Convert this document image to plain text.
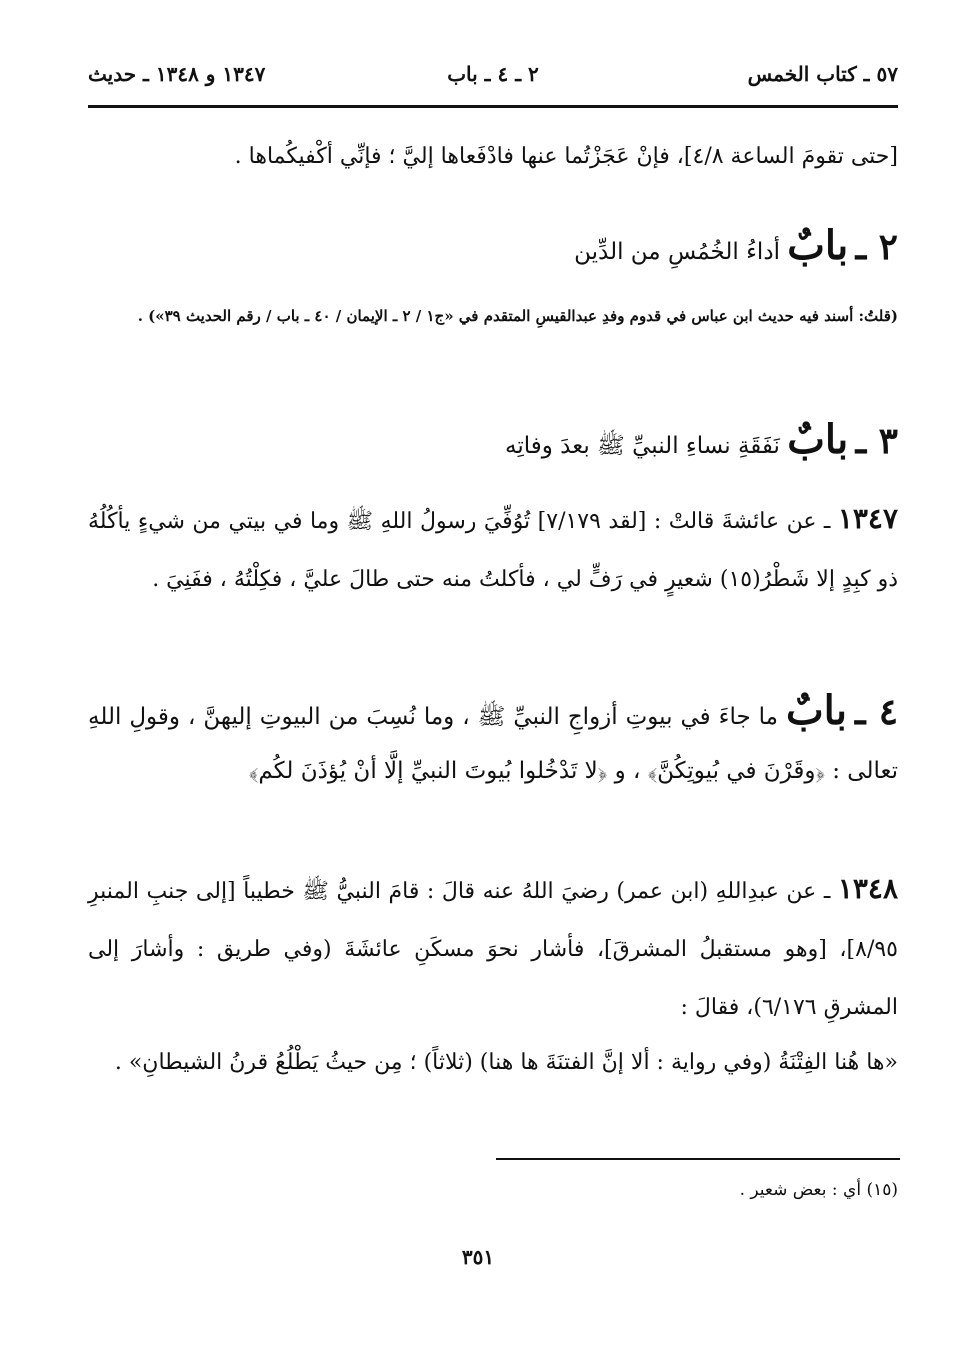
٥٧ ـ كتاب الخمس
٢ ـ ٤ ـ باب
١٣٤٧ و ١٣٤٨ ـ حديث
[حتى تقومَ الساعة ٤/٨]، فإنْ عَجَزْتُما عنها فادْفَعاها إليَّ ؛ فإنِّي أكْفيكُماها .
٢ ـ بابٌ أداءُ الخُمُسِ من الدِّين
(قلتُ: أسند فيه حديث ابن عباس في قدوم وفدِ عبدالقيسِ المتقدم في «ج١ / ٢ ـ الإيمان / ٤٠ ـ باب / رقم الحديث ٣٩») .
٣ ـ بابٌ نَفَقَةِ نساءِ النبيِّ ﷺ بعدَ وفاتِه
١٣٤٧ ـ عن عائشةَ قالتْ : [لقد ٧/١٧٩] تُوُفِّيَ رسولُ اللهِ ﷺ وما في بيتي من شيءٍ يأكُلُهُ ذو كبِدٍ إلا شَطْرُ(١٥) شعيرٍ في رَفٍّ لي ، فأكلتُ منه حتى طالَ عليَّ ، فكِلْتُهُ ، ففَنِيَ .
٤ ـ بابٌ ما جاءَ في بيوتِ أزواجِ النبيِّ ﷺ ، وما نُسِبَ من البيوتِ إليهنَّ ، وقولِ اللهِ تعالى : ﴿وقَرْنَ في بُيوتِكُنَّ﴾ ، و ﴿لا تَدْخُلوا بُيوتَ النبيِّ إلَّا أنْ يُؤذَنَ لكُم﴾
١٣٤٨ ـ عن عبدِاللهِ (ابن عمر) رضيَ اللهُ عنه قالَ : قامَ النبيُّ ﷺ خطيباً [إلى جنبِ المنبرِ ٨/٩٥]، [وهو مستقبلُ المشرقَ]، فأشار نحوَ مسكَنِ عائشَةَ (وفي طريق : وأشارَ إلى المشرقِ ٦/١٧٦)، فقالَ :
«ها هُنا الفِتْنَةُ (وفي رواية : ألا إنَّ الفتنَةَ ها هنا) (ثلاثاً) ؛ مِن حيثُ يَطْلُعُ قرنُ الشيطانِ» .
(١٥) أي : بعض شعير .
٣٥١
